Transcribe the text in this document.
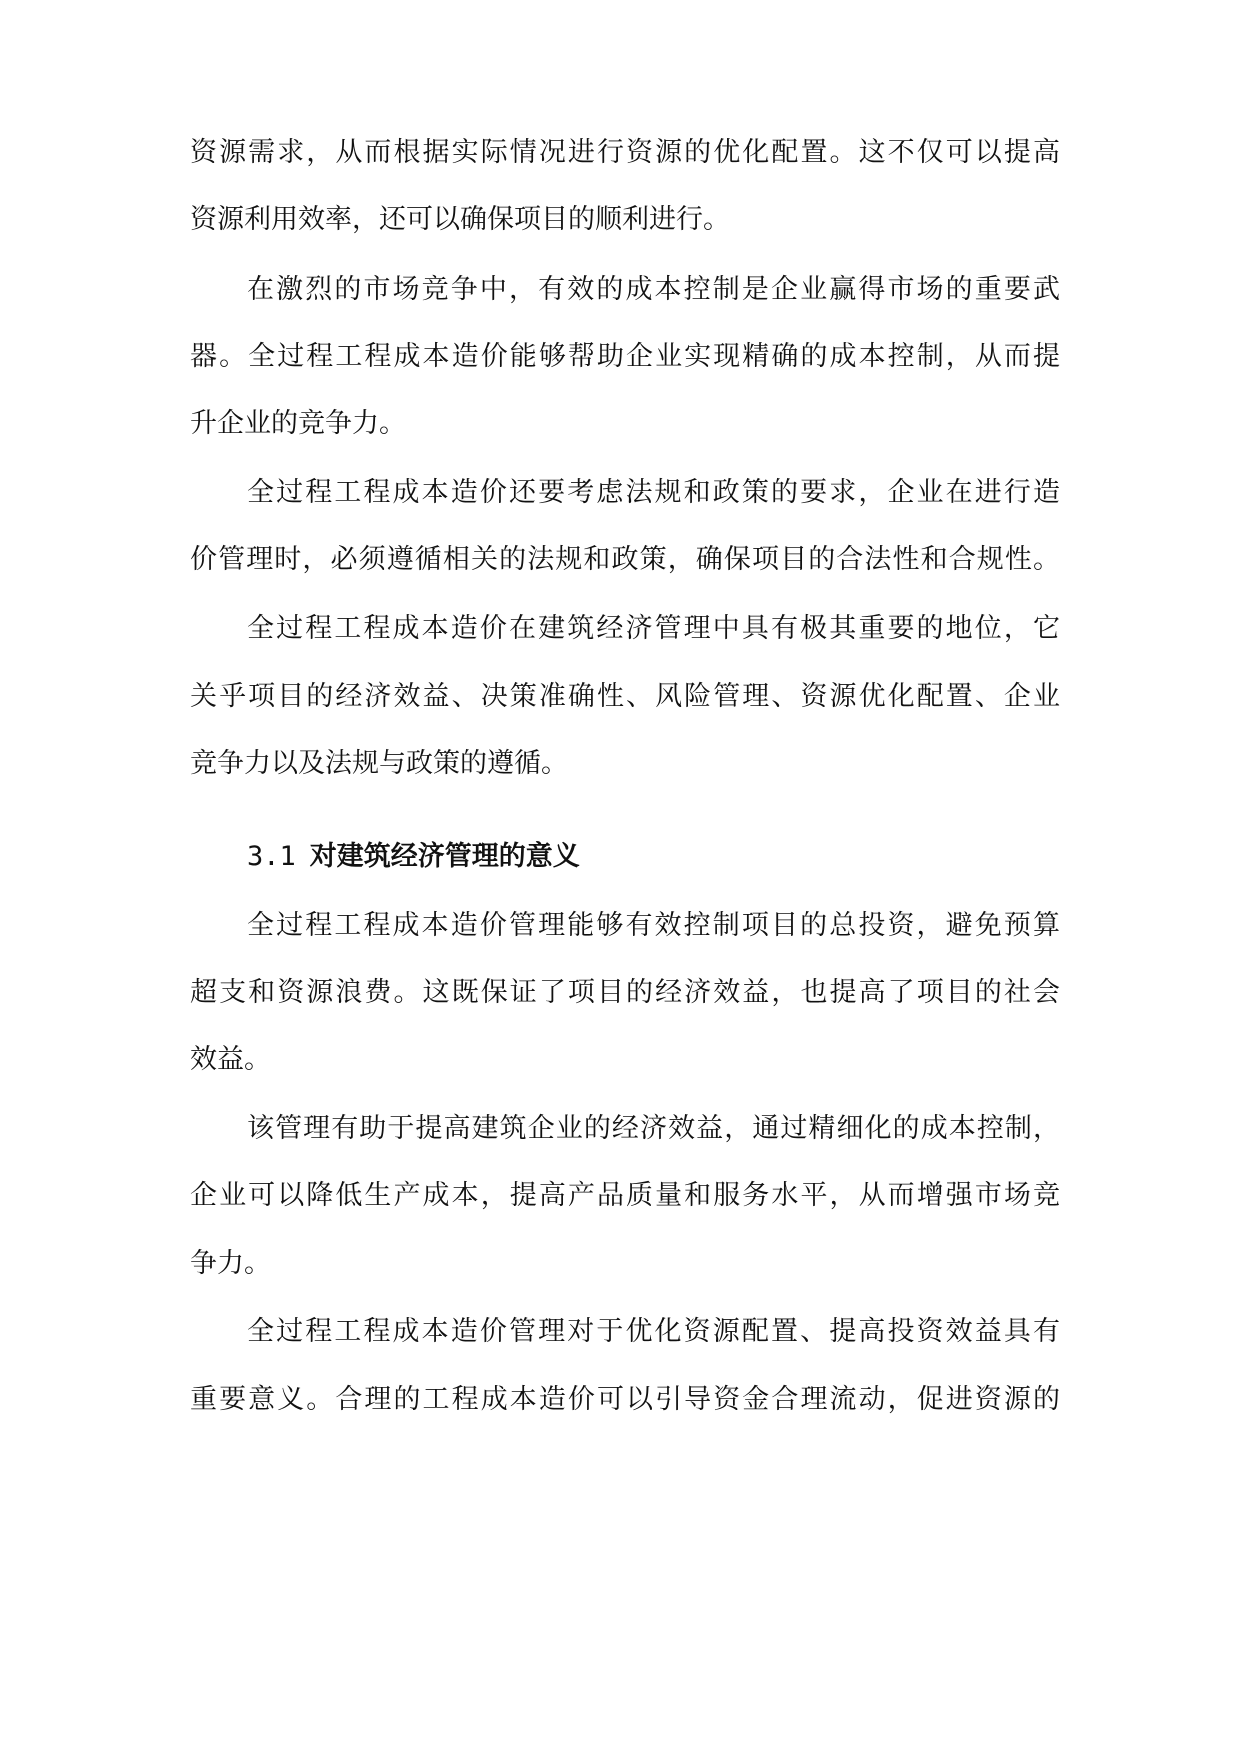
资源需求，从而根据实际情况进行资源的优化配置。这不仅可以提高
资源利用效率，还可以确保项目的顺利进行。
在激烈的市场竞争中，有效的成本控制是企业赢得市场的重要武
器。全过程工程成本造价能够帮助企业实现精确的成本控制，从而提
升企业的竞争力。
全过程工程成本造价还要考虑法规和政策的要求，企业在进行造
价管理时，必须遵循相关的法规和政策，确保项目的合法性和合规性。
全过程工程成本造价在建筑经济管理中具有极其重要的地位，它
关乎项目的经济效益、决策准确性、风险管理、资源优化配置、企业
竞争力以及法规与政策的遵循。
3.1 对建筑经济管理的意义
全过程工程成本造价管理能够有效控制项目的总投资，避免预算
超支和资源浪费。这既保证了项目的经济效益，也提高了项目的社会
效益。
该管理有助于提高建筑企业的经济效益，通过精细化的成本控制，
企业可以降低生产成本，提高产品质量和服务水平，从而增强市场竞
争力。
全过程工程成本造价管理对于优化资源配置、提高投资效益具有
重要意义。合理的工程成本造价可以引导资金合理流动，促进资源的
